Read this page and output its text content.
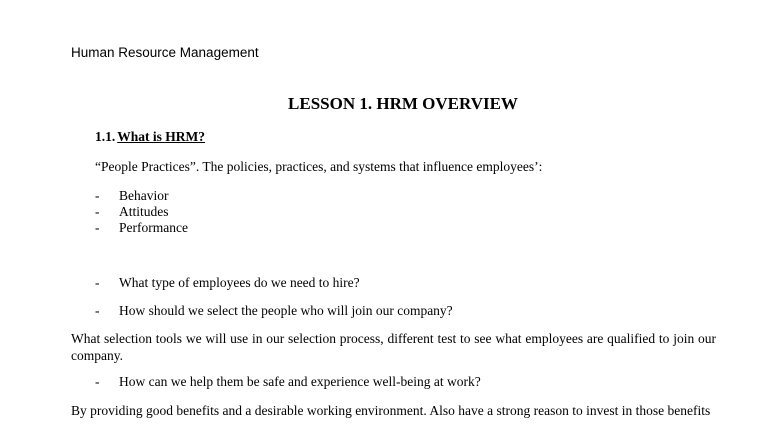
Human Resource Management
LESSON 1. HRM OVERVIEW
1.1. What is HRM?
“People Practices”. The policies, practices, and systems that influence employees’:
- Behavior
- Attitudes
- Performance
- What type of employees do we need to hire?
- How should we select the people who will join our company?
What selection tools we will use in our selection process, different test to see what employees are qualified to join our company.
- How can we help them be safe and experience well-being at work?
By providing good benefits and a desirable working environment. Also have a strong reason to invest in those benefits
